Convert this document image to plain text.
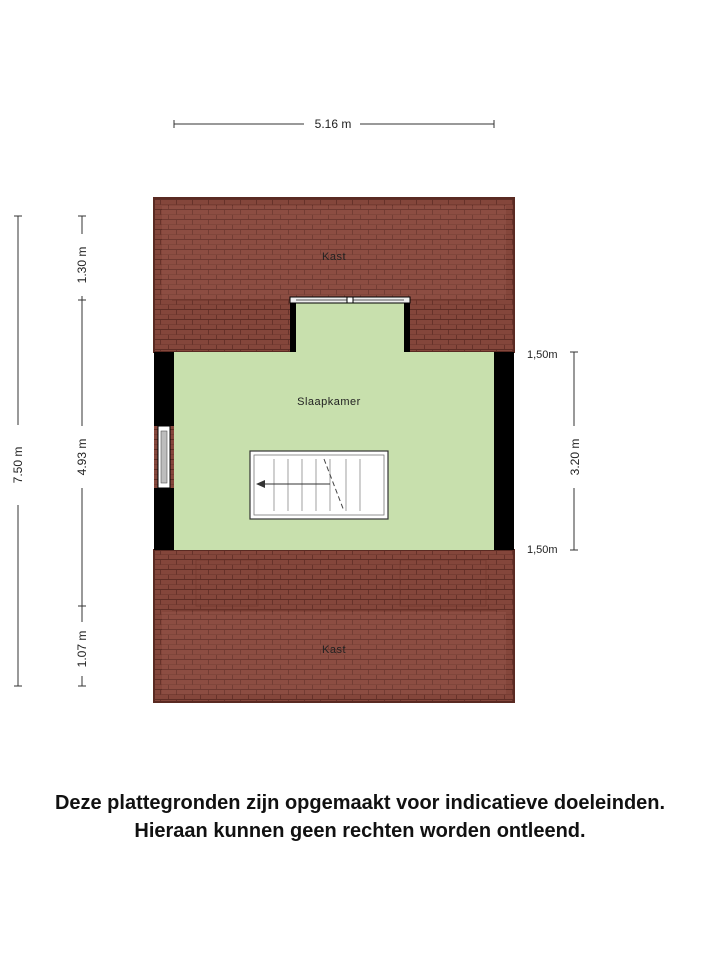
5.16 m
7.50 m
1.30 m
4.93 m
1.07 m
3.20 m
1,50m
1,50m
Kast
Slaapkamer
Kast
Deze plattegronden zijn opgemaakt voor indicatieve doeleinden.
Hieraan kunnen geen rechten worden ontleend.
